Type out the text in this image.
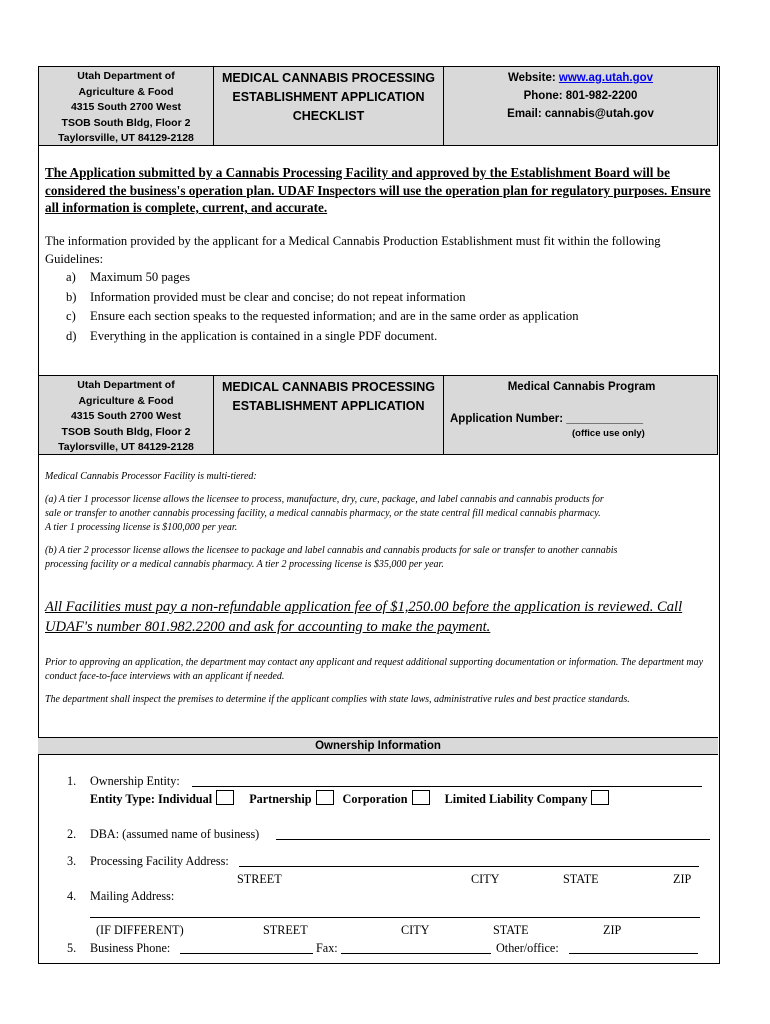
Utah Department of
Agriculture & Food
4315 South 2700 West
TSOB South Bldg, Floor 2
Taylorsville, UT 84129-2128
MEDICAL CANNABIS PROCESSING
ESTABLISHMENT APPLICATION
CHECKLIST
Website: www.ag.utah.gov
Phone: 801-982-2200
Email: cannabis@utah.gov
The Application submitted by a Cannabis Processing Facility and approved by the Establishment Board will be considered the business's operation plan. UDAF Inspectors will use the operation plan for regulatory purposes. Ensure all information is complete, current, and accurate.
The information provided by the applicant for a Medical Cannabis Production Establishment must fit within the following Guidelines:
a)	Maximum 50 pages
b)	Information provided must be clear and concise; do not repeat information
c)	Ensure each section speaks to the requested information; and are in the same order as application
d)	Everything in the application is contained in a single PDF document.
Utah Department of
Agriculture & Food
4315 South 2700 West
TSOB South Bldg, Floor 2
Taylorsville, UT 84129-2128
MEDICAL CANNABIS PROCESSING
ESTABLISHMENT APPLICATION
Medical Cannabis Program
Application Number: ____________
(office use only)
Medical Cannabis Processor Facility is multi-tiered:
(a) A tier 1 processor license allows the licensee to process, manufacture, dry, cure, package, and label cannabis and cannabis products for sale or transfer to another cannabis processing facility, a medical cannabis pharmacy, or the state central fill medical cannabis pharmacy. A tier 1 processing license is $100,000 per year.
(b) A tier 2 processor license allows the licensee to package and label cannabis and cannabis products for sale or transfer to another cannabis processing facility or a medical cannabis pharmacy. A tier 2 processing license is $35,000 per year.
All Facilities must pay a non-refundable application fee of $1,250.00 before the application is reviewed. Call UDAF's number 801.982.2200 and ask for accounting to make the payment.
Prior to approving an application, the department may contact any applicant and request additional supporting documentation or information. The department may conduct face-to-face interviews with an applicant if needed.
The department shall inspect the premises to determine if the applicant complies with state laws, administrative rules and best practice standards.
Ownership Information
1. Ownership Entity:
Entity Type: Individual	Partnership	Corporation	Limited Liability Company
2. DBA: (assumed name of business)
3. Processing Facility Address:
STREET	CITY	STATE	ZIP
4. Mailing Address:
(IF DIFFERENT)	STREET	CITY	STATE	ZIP
5. Business Phone:	Fax:	Other/office:
